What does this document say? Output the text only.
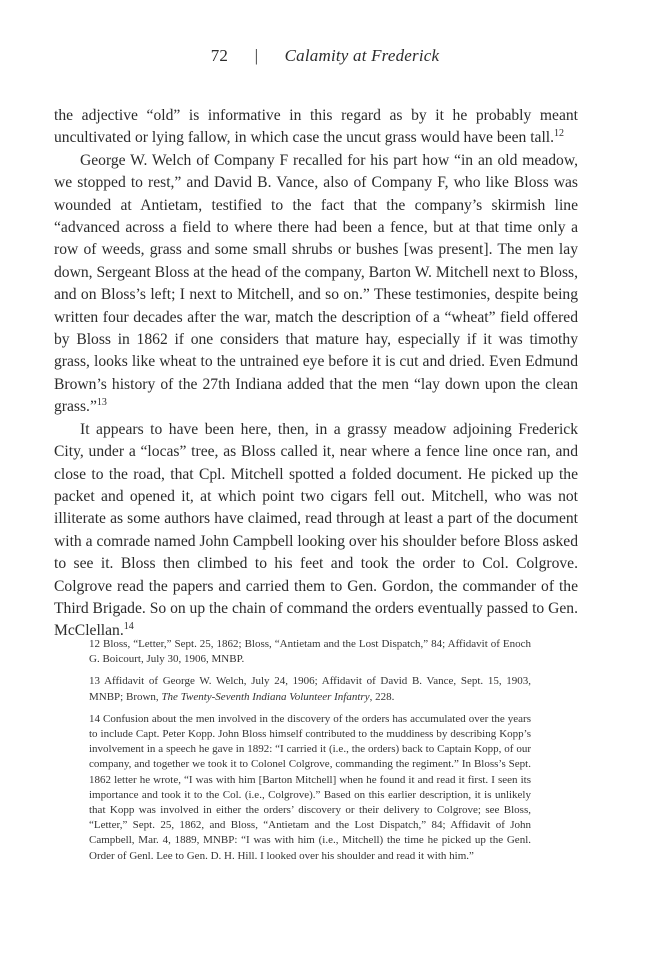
72 | Calamity at Frederick

the adjective “old” is informative in this regard as by it he probably meant uncultivated or lying fallow, in which case the uncut grass would have been tall.$^{12}$

George W. Welch of Company F recalled for his part how “in an old meadow, we stopped to rest,” and David B. Vance, also of Company F, who like Bloss was wounded at Antietam, testified to the fact that the company’s skirmish line “advanced across a field to where there had been a fence, but at that time only a row of weeds, grass and some small shrubs or bushes [was present]. The men lay down, Sergeant Bloss at the head of the company, Barton W. Mitchell next to Bloss, and on Bloss’s left; I next to Mitchell, and so on.” These testimonies, despite being written four decades after the war, match the description of a “wheat” field offered by Bloss in 1862 if one considers that mature hay, especially if it was timothy grass, looks like wheat to the untrained eye before it is cut and dried. Even Edmund Brown’s history of the 27th Indiana added that the men “lay down upon the clean grass.”$^{13}$

It appears to have been here, then, in a grassy meadow adjoining Frederick City, under a “locas” tree, as Bloss called it, near where a fence line once ran, and close to the road, that Cpl. Mitchell spotted a folded document. He picked up the packet and opened it, at which point two cigars fell out. Mitchell, who was not illiterate as some authors have claimed, read through at least a part of the document with a comrade named John Campbell looking over his shoulder before Bloss asked to see it. Bloss then climbed to his feet and took the order to Col. Colgrove. Colgrove read the papers and carried them to Gen. Gordon, the commander of the Third Brigade. So on up the chain of command the orders eventually passed to Gen. McClellan.$^{14}$

12 Bloss, “Letter,” Sept. 25, 1862; Bloss, “Antietam and the Lost Dispatch,” 84; Affidavit of Enoch G. Boicourt, July 30, 1906, MNBP.

13 Affidavit of George W. Welch, July 24, 1906; Affidavit of David B. Vance, Sept. 15, 1903, MNBP; Brown, The Twenty-Seventh Indiana Volunteer Infantry, 228.

14 Confusion about the men involved in the discovery of the orders has accumulated over the years to include Capt. Peter Kopp. John Bloss himself contributed to the muddiness by describing Kopp’s involvement in a speech he gave in 1892: “I carried it (i.e., the orders) back to Captain Kopp, of our company, and together we took it to Colonel Colgrove, commanding the regiment.” In Bloss’s Sept. 1862 letter he wrote, “I was with him [Barton Mitchell] when he found it and read it first. I seen its importance and took it to the Col. (i.e., Colgrove).” Based on this earlier description, it is unlikely that Kopp was involved in either the orders’ discovery or their delivery to Colgrove; see Bloss, “Letter,” Sept. 25, 1862, and Bloss, “Antietam and the Lost Dispatch,” 84; Affidavit of John Campbell, Mar. 4, 1889, MNBP: “I was with him (i.e., Mitchell) the time he picked up the Genl. Order of Genl. Lee to Gen. D. H. Hill. I looked over his shoulder and read it with him.”
